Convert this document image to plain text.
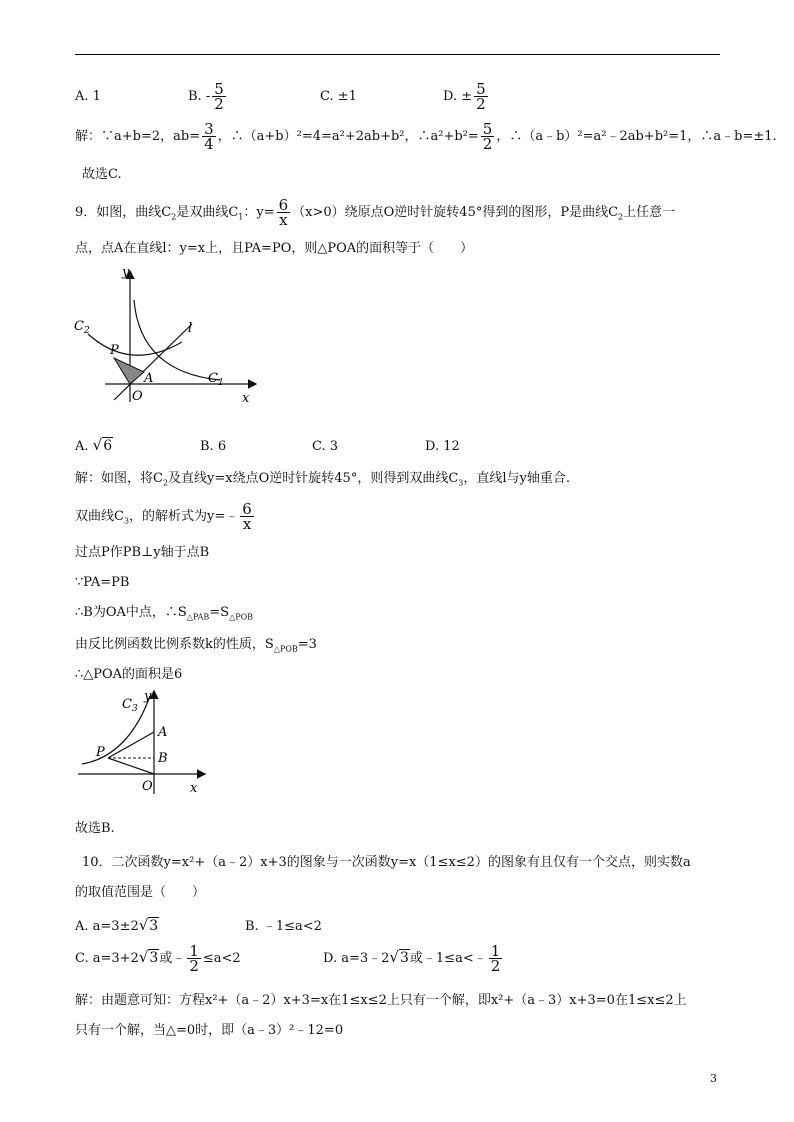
A. 1	B. - $\frac{5}{2}$	C. ±1	D. ± $\frac{5}{2}$
解：∵a+b=2，$ab= \frac{3}{4}$ ，∴（a+b）²=4=a²+2ab+b²，∴a²+b²= $\frac{5}{2}$ ，∴（a﹣b）²=a²﹣2ab+b²=1，∴a﹣b=±1.
故选C.
9．如图，曲线$C_2$是双曲线$C_1$：$y= \frac{6}{x} (x>0)$绕原点O逆时针旋转45°得到的图形，P是曲线$C_2$上任意一
点，点A在直线l：y=x上，且PA=PO，则△POA的面积等于（　　）
y
x
l
$C_2$
P
A
O
$C_1$
A. √6	B. 6	C. 3	D. 12
解：如图，将$C_2$及直线y=x绕点O逆时针旋转45°，则得到双曲线$C_3$，直线l与y轴重合.
双曲线$C_3$，的解析式为y=﹣ $\frac{6}{x}$
过点P作PB⊥y轴于点B
∵PA=PB
∴B为OA中点，$\therefore S_{\triangle PAB}=S_{\triangle POB}$
由反比例函数比例系数k的性质，$S_{\triangle POB}=3$
∴△POA的面积是6
$C_3$
y
A
P	B
O	x
故选B.
10．二次函数y=x²+（a﹣2）x+3的图象与一次函数y=x（1≤x≤2）的图象有且仅有一个交点，则实数a
的取值范围是（　　）
A. a=3±2√3	B. ﹣1≤a<2
C. a=3+2√3或﹣ $\frac{1}{2} \le a<2$	D. a=3﹣2√3或﹣1≤a<﹣ $\frac{1}{2}$
解：由题意可知：方程x²+（a﹣2）x+3=x在1≤x≤2上只有一个解，即x²+（a﹣3）x+3=0在1≤x≤2上
只有一个解，当△=0时，即（a﹣3）²﹣12=0
3
